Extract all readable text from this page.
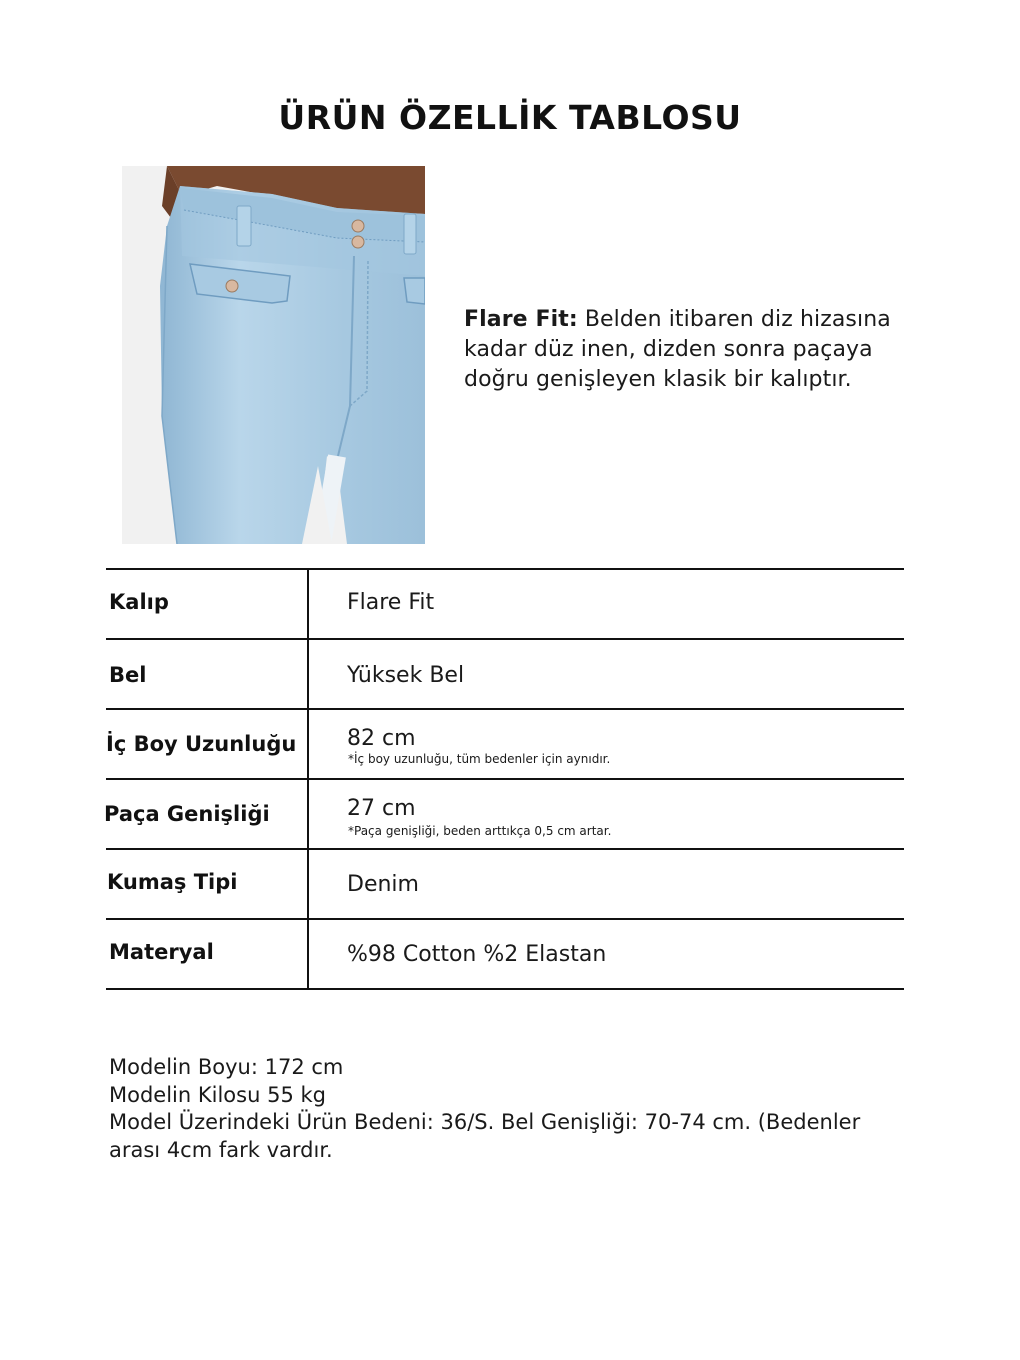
ÜRÜN ÖZELLİK TABLOSU
Flare Fit: Belden itibaren diz hizasına kadar düz inen, dizden sonra paçaya doğru genişleyen klasik bir kalıptır.
Kalıp	Flare Fit
Bel	Yüksek Bel
İç Boy Uzunluğu 82 cm
*İç boy uzunluğu, tüm bedenler için aynıdır.
Paça Genişliği	27 cm
*Paça genişliği, beden arttıkça 0,5 cm artar.
Kumaş Tipi	Denim
Materyal	%98 Cotton %2 Elastan
Modelin Boyu: 172 cm
Modelin Kilosu 55 kg
Model Üzerindeki Ürün Bedeni: 36/S. Bel Genişliği: 70-74 cm. (Bedenler arası 4cm fark vardır.
